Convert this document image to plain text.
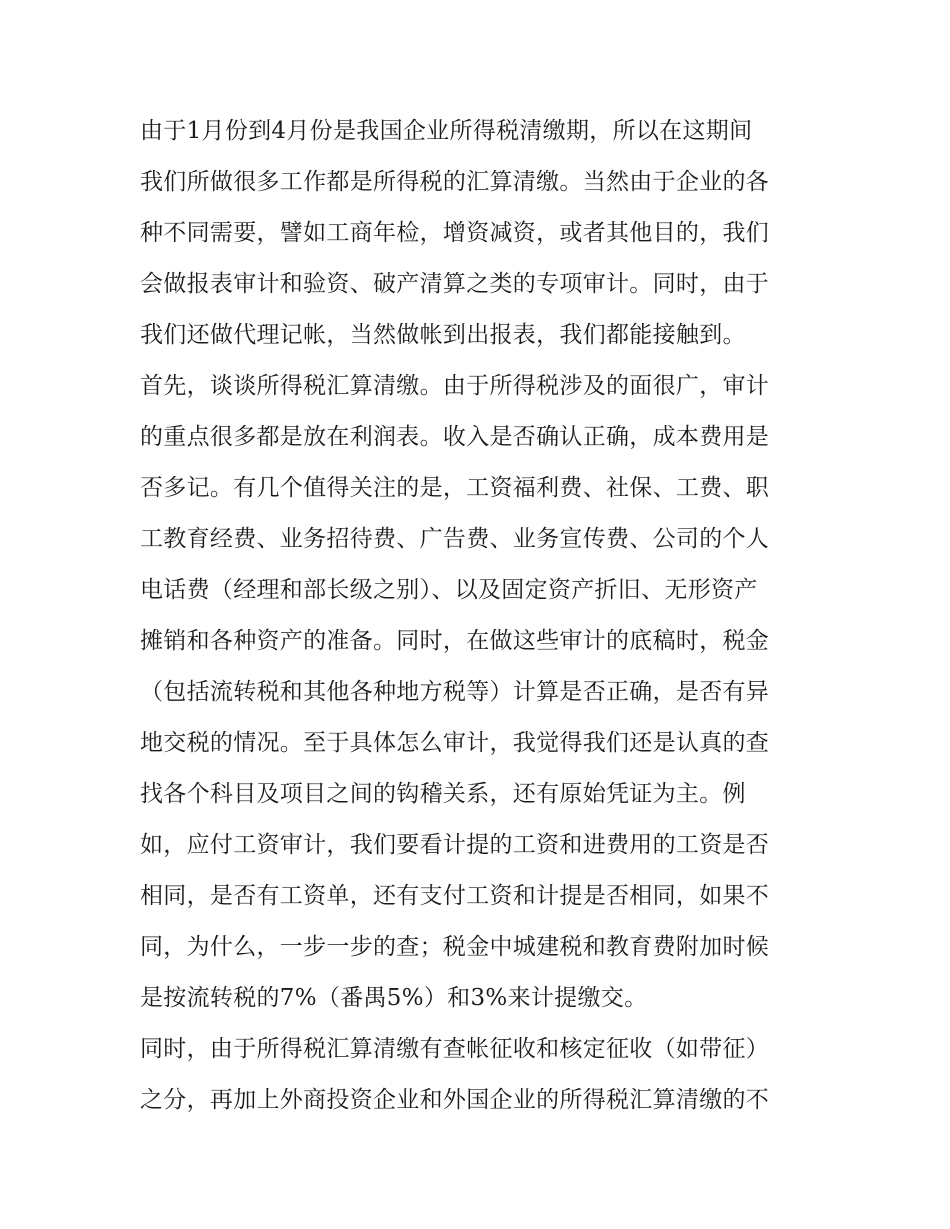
由于1月份到4月份是我国企业所得税清缴期，所以在这期间
我们所做很多工作都是所得税的汇算清缴。当然由于企业的各
种不同需要，譬如工商年检，增资减资，或者其他目的，我们
会做报表审计和验资、破产清算之类的专项审计。同时，由于
我们还做代理记帐，当然做帐到出报表，我们都能接触到。
首先，谈谈所得税汇算清缴。由于所得税涉及的面很广，审计
的重点很多都是放在利润表。收入是否确认正确，成本费用是
否多记。有几个值得关注的是，工资福利费、社保、工费、职
工教育经费、业务招待费、广告费、业务宣传费、公司的个人
电话费（经理和部长级之别）、以及固定资产折旧、无形资产
摊销和各种资产的准备。同时，在做这些审计的底稿时，税金
（包括流转税和其他各种地方税等）计算是否正确，是否有异
地交税的情况。至于具体怎么审计，我觉得我们还是认真的查
找各个科目及项目之间的钩稽关系，还有原始凭证为主。例
如，应付工资审计，我们要看计提的工资和进费用的工资是否
相同，是否有工资单，还有支付工资和计提是否相同，如果不
同，为什么，一步一步的查；税金中城建税和教育费附加时候
是按流转税的7%（番禺5%）和3%来计提缴交。
同时，由于所得税汇算清缴有查帐征收和核定征收（如带征）
之分，再加上外商投资企业和外国企业的所得税汇算清缴的不
